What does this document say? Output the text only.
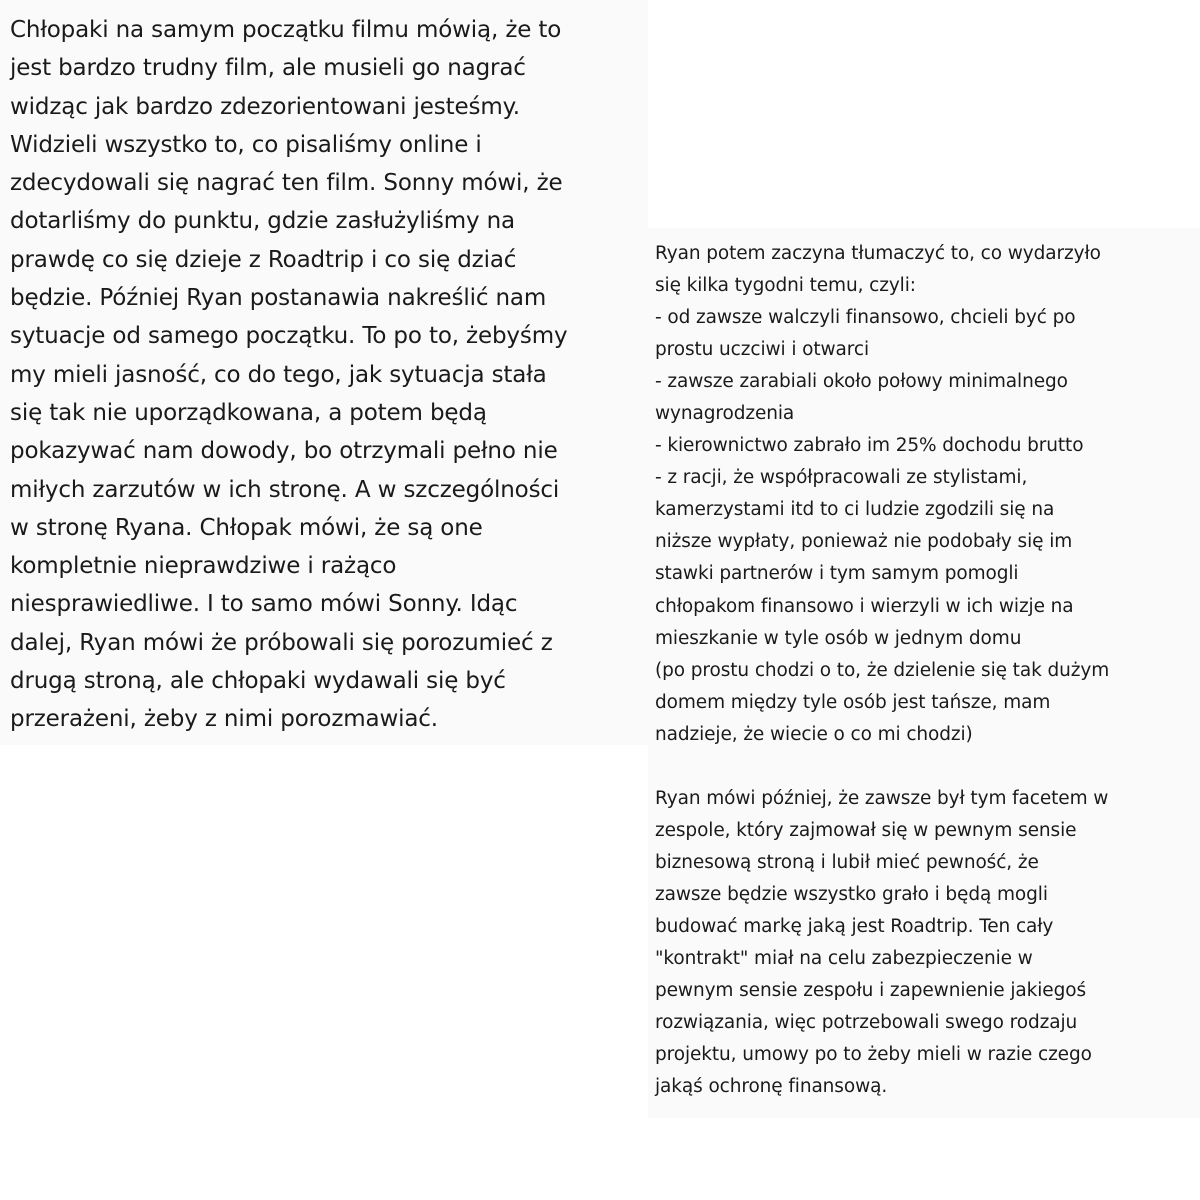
Chłopaki na samym początku filmu mówią, że to
jest bardzo trudny film, ale musieli go nagrać
widząc jak bardzo zdezorientowani jesteśmy.
Widzieli wszystko to, co pisaliśmy online i
zdecydowali się nagrać ten film. Sonny mówi, że
dotarliśmy do punktu, gdzie zasłużyliśmy na
prawdę co się dzieje z Roadtrip i co się dziać
będzie. Później Ryan postanawia nakreślić nam
sytuacje od samego początku. To po to, żebyśmy
my mieli jasność, co do tego, jak sytuacja stała
się tak nie uporządkowana, a potem będą
pokazywać nam dowody, bo otrzymali pełno nie
miłych zarzutów w ich stronę. A w szczególności
w stronę Ryana. Chłopak mówi, że są one
kompletnie nieprawdziwe i rażąco
niesprawiedliwe. I to samo mówi Sonny. Idąc
dalej, Ryan mówi że próbowali się porozumieć z
drugą stroną, ale chłopaki wydawali się być
przerażeni, żeby z nimi porozmawiać.
Ryan potem zaczyna tłumaczyć to, co wydarzyło
się kilka tygodni temu, czyli:
- od zawsze walczyli finansowo, chcieli być po
prostu uczciwi i otwarci
- zawsze zarabiali około połowy minimalnego
wynagrodzenia
- kierownictwo zabrało im 25% dochodu brutto
- z racji, że współpracowali ze stylistami,
kamerzystami itd to ci ludzie zgodzili się na
niższe wypłaty, ponieważ nie podobały się im
stawki partnerów i tym samym pomogli
chłopakom finansowo i wierzyli w ich wizje na
mieszkanie w tyle osób w jednym domu
(po prostu chodzi o to, że dzielenie się tak dużym
domem między tyle osób jest tańsze, mam
nadzieje, że wiecie o co mi chodzi)
Ryan mówi później, że zawsze był tym facetem w
zespole, który zajmował się w pewnym sensie
biznesową stroną i lubił mieć pewność, że
zawsze będzie wszystko grało i będą mogli
budować markę jaką jest Roadtrip. Ten cały
"kontrakt" miał na celu zabezpieczenie w
pewnym sensie zespołu i zapewnienie jakiegoś
rozwiązania, więc potrzebowali swego rodzaju
projektu, umowy po to żeby mieli w razie czego
jakąś ochronę finansową.
